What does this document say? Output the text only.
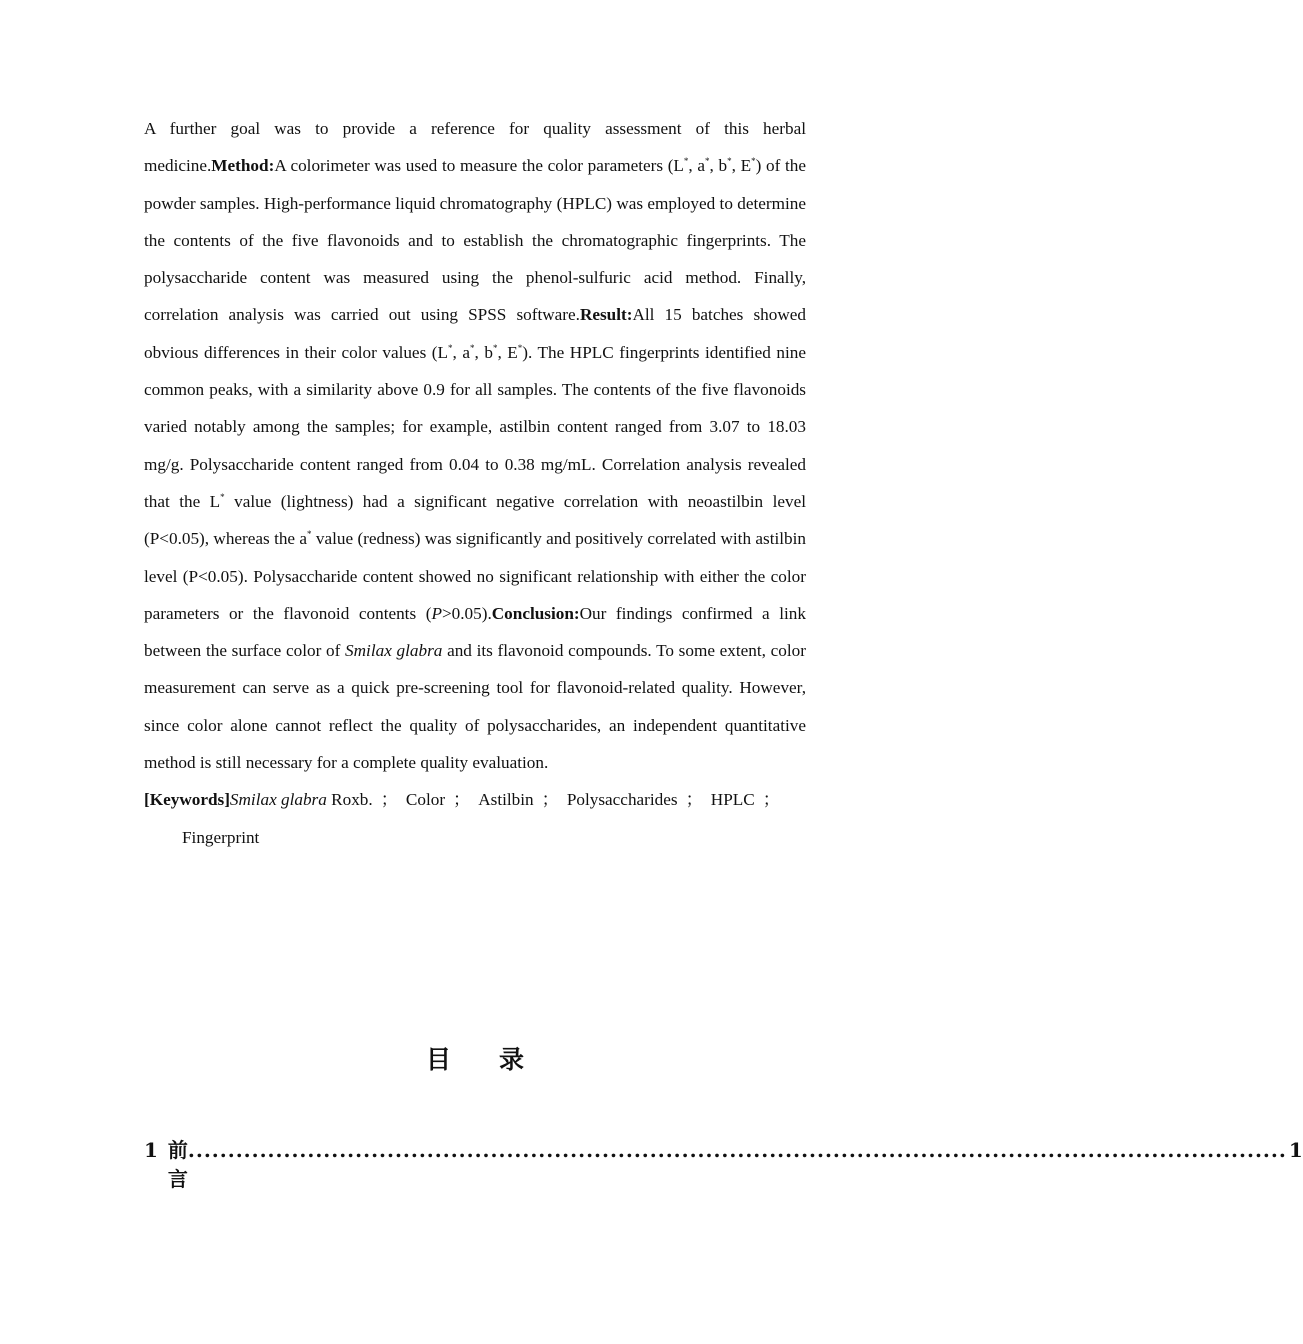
A further goal was to provide a reference for quality assessment of this herbal medicine.Method:A colorimeter was used to measure the color parameters (L*, a*, b*, E*) of the powder samples. High-performance liquid chromatography (HPLC) was employed to determine the contents of the five flavonoids and to establish the chromatographic fingerprints. The polysaccharide content was measured using the phenol-sulfuric acid method. Finally, correlation analysis was carried out using SPSS software.Result:All 15 batches showed obvious differences in their color values (L*, a*, b*, E*). The HPLC fingerprints identified nine common peaks, with a similarity above 0.9 for all samples. The contents of the five flavonoids varied notably among the samples; for example, astilbin content ranged from 3.07 to 18.03 mg/g. Polysaccharide content ranged from 0.04 to 0.38 mg/mL. Correlation analysis revealed that the L* value (lightness) had a significant negative correlation with neoastilbin level (P<0.05), whereas the a* value (redness) was significantly and positively correlated with astilbin level (P<0.05). Polysaccharide content showed no significant relationship with either the color parameters or the flavonoid contents (P>0.05).Conclusion:Our findings confirmed a link between the surface color of Smilax glabra and its flavonoid compounds. To some extent, color measurement can serve as a quick pre-screening tool for flavonoid-related quality. However, since color alone cannot reflect the quality of polysaccharides, an independent quantitative method is still necessary for a complete quality evaluation.

[Keywords]Smilax glabra Roxb. ； Color ； Astilbin ； Polysaccharides ； HPLC ；Fingerprint

目录
1 前言
.......................................................................................................................................... 1
